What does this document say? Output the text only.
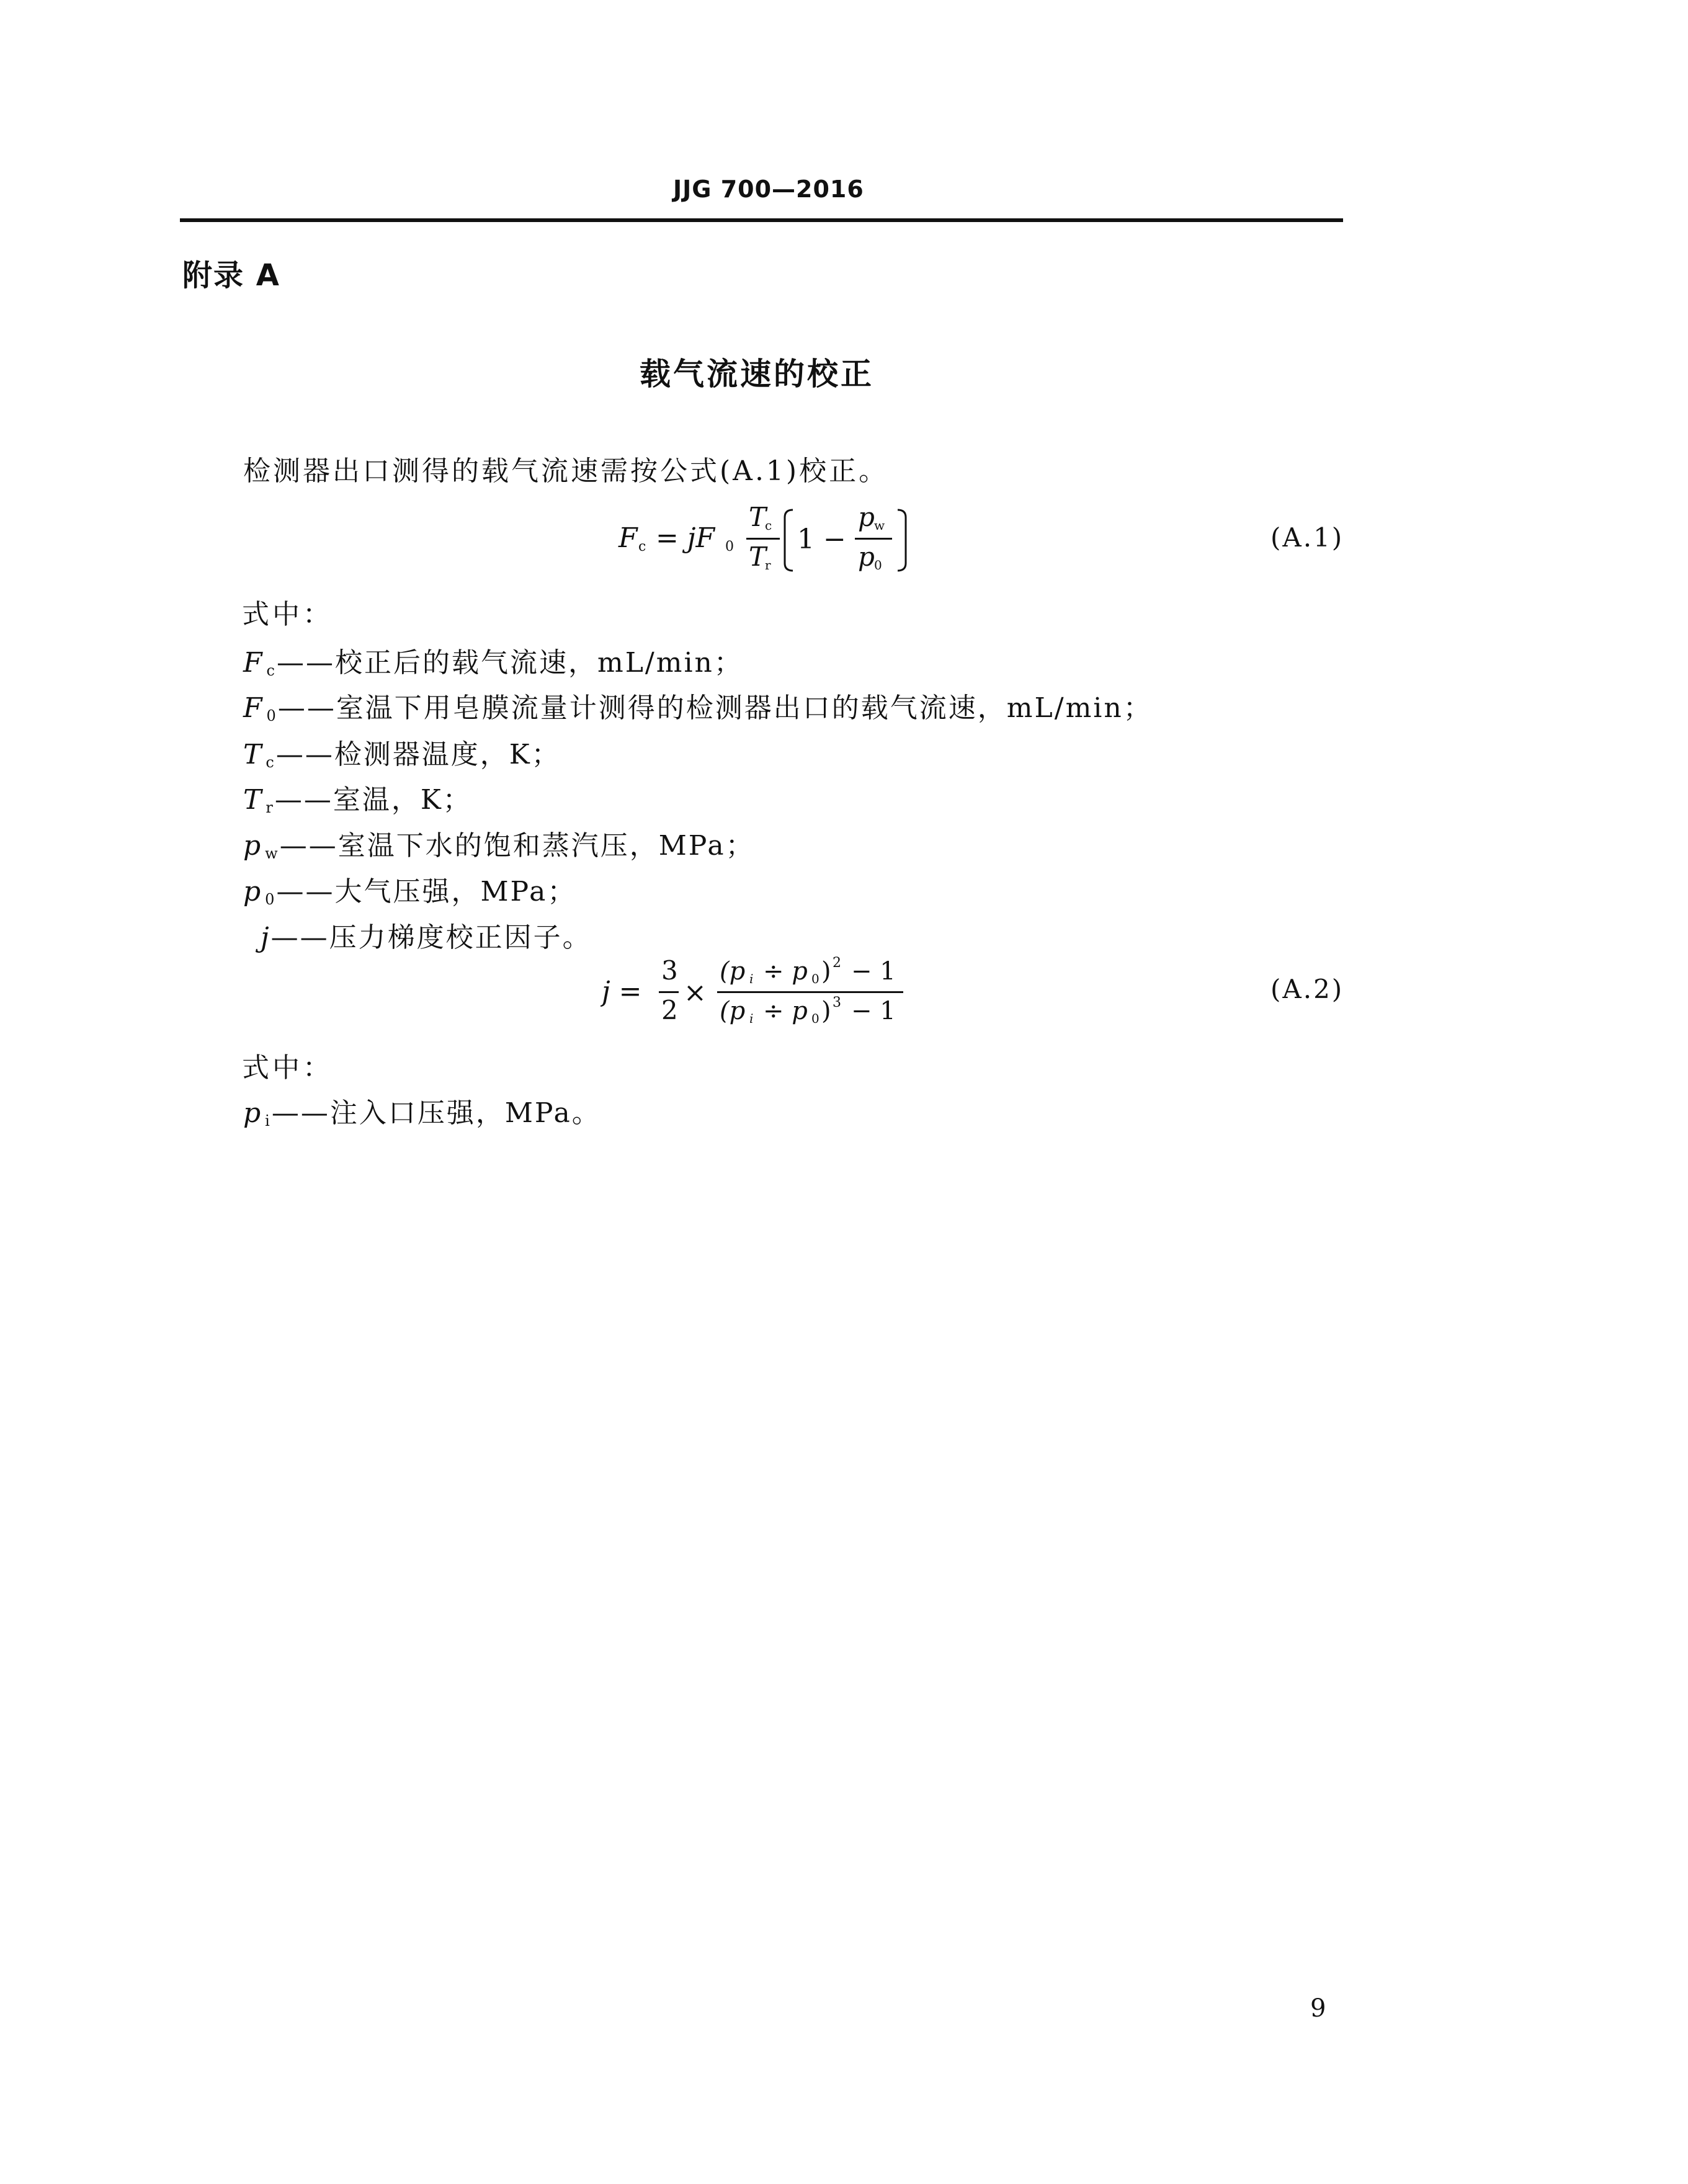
JJG 700—2016
附录 A
载气流速的校正
检测器出口测得的载气流速需按公式(A.1)校正。
F c = jF 0
T
c
T
r
1 −
p w
p 0
(A.1)
式中：
F $_c$——校正后的载气流速，mL/min；
F $_0$——室温下用皂膜流量计测得的检测器出口的载气流速，mL/min；
T $_c$——检测器温度，K；
T $_r$——室温，K；
p $_w$——室温下水的饱和蒸汽压，MPa；
p $_0$——大气压强，MPa；
j——压力梯度校正因子。
j =
3
2
×
(p i ÷ p 0 ) 2 − 1
(p i ÷ p 0 ) 3 − 1
(A.2)
式中：
p $_i$——注入口压强，MPa。
9
